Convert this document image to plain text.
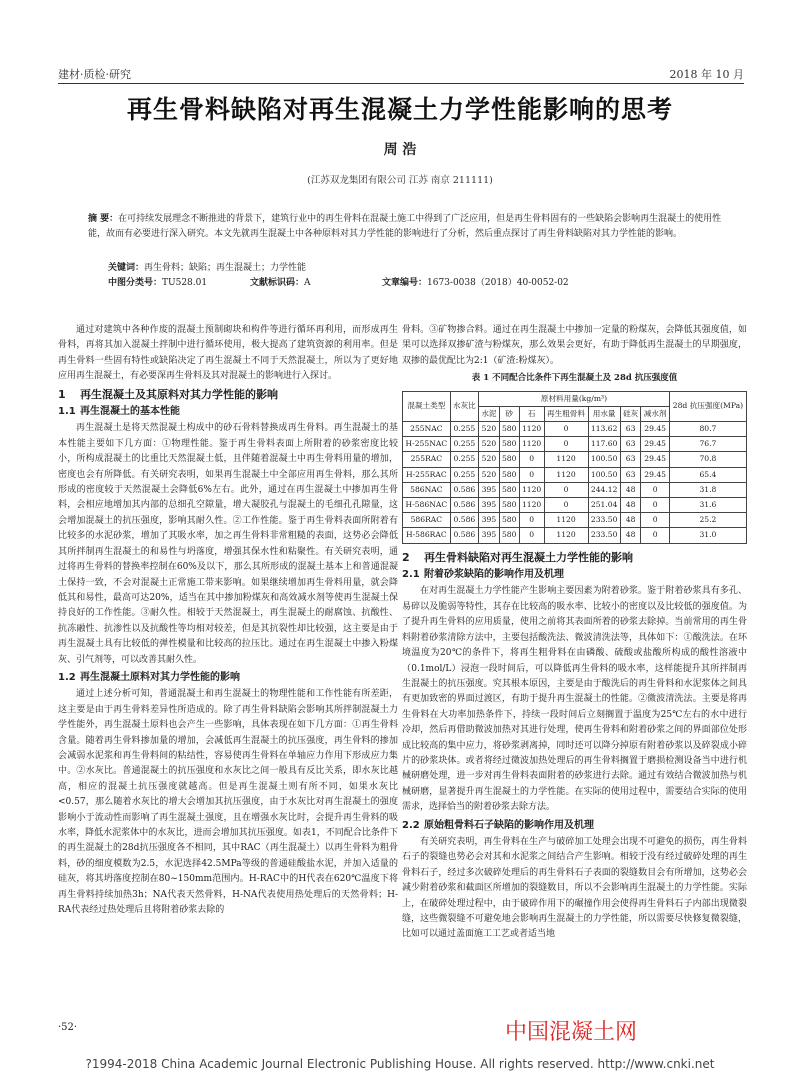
建材·质检·研究	2018 年 10 月
再生骨料缺陷对再生混凝土力学性能影响的思考
周 浩
(江苏双龙集团有限公司 江苏 南京 211111)
摘 要：在可持续发展理念不断推进的背景下，建筑行业中的再生骨料在混凝土施工中得到了广泛应用，但是再生骨料固有的一些缺陷会影响再生混凝土的使用性能，故而有必要进行深入研究。本文先就再生混凝土中各种原料对其力学性能的影响进行了分析，然后重点探讨了再生骨料缺陷对其力学性能的影响。
关键词：再生骨料；缺陷；再生混凝土；力学性能
中图分类号：TU528.01	文献标识码：A	文章编号：1673-0038（2018）40-0052-02

通过对建筑中各种作废的混凝土预制砌块和构件等进行循环再利用，而形成再生骨料，再将其加入混凝土拌制中进行循环使用，极大提高了建筑资源的利用率。但是再生骨料一些固有特性或缺陷决定了再生混凝土不同于天然混凝土，所以为了更好地应用再生混凝土，有必要深再生骨料及其对混凝土的影响进行入探讨。

1 再生混凝土及其原料对其力学性能的影响
1.1 再生混凝土的基本性能

再生混凝土是将天然混凝土构成中的砂石骨料替换成再生骨料。再生混凝土的基本性能主要如下几方面：①物理性能。鉴于再生骨料表面上所附着的砂浆密度比较小，所构成混凝土的比重比天然混凝土低，且伴随着混凝土中再生骨料用量的增加，密度也会有所降低。有关研究表明，如果再生混凝土中全部应用再生骨料，那么其所形成的密度较于天然混凝土会降低6%左右。此外，通过在再生混凝土中掺加再生骨料，会相应地增加其内部的总细孔空隙量，增大凝胶孔与混凝土的毛细孔孔隙量，这会增加混凝土的抗压强度，影响其耐久性。②工作性能。鉴于再生骨料表面所附着有比较多的水泥砂浆，增加了其吸水率，加之再生骨料非常粗糙的表面，这势必会降低其所拌制再生混凝土的和易性与坍落度，增强其保水性和粘聚性。有关研究表明，通过将再生骨料的替换率控制在60%及以下，那么其所形成的混凝土基本上和普通混凝土保持一致，不会对混凝土正常施工带来影响。如果继续增加再生骨料用量，就会降低其和易性，最高可达20%，适当在其中掺加粉煤灰和高效减水剂等使再生混凝土保持良好的工作性能。③耐久性。相较于天然混凝土，再生混凝土的耐腐蚀、抗酸性、抗冻融性、抗渗性以及抗酸性等均相对较差，但是其抗裂性却比较强，这主要是由于再生混凝土具有比较低的弹性模量和比较高的拉压比。通过在再生混凝土中掺入粉煤灰、引气剂等，可以改善其耐久性。

1.2 再生混凝土原料对其力学性能的影响

通过上述分析可知，普通混凝土和再生混凝土的物理性能和工作性能有所差距，这主要是由于再生骨料差异性所造成的。除了再生骨料缺陷会影响其所拌制混凝土力学性能外，再生混凝土原料也会产生一些影响，具体表现在如下几方面：①再生骨料含量。随着再生骨料掺加量的增加，会减低再生混凝土的抗压强度，再生骨料的掺加会减弱水泥浆和再生骨料间的粘结性，容易使再生骨料在单轴应力作用下形成应力集中。②水灰比。普通混凝土的抗压强度和水灰比之间一般具有反比关系，即水灰比越高，相应的混凝土抗压强度就越高。但是再生混凝土则有所不同，如果水灰比<0.57，那么随着水灰比的增大会增加其抗压强度，由于水灰比对再生混凝土的强度影响小于流动性而影响了再生混凝土强度，且在增强水灰比时，会提升再生骨料的吸水率，降低水泥浆体中的水灰比，进而会增加其抗压强度。如表1，不同配合比条件下的再生混凝土的28d抗压强度各不相同，其中RAC（再生混凝土）以再生骨料为粗骨料，砂的细度模数为2.5，水泥选择42.5MPa等级的普通硅酸盐水泥，并加入适量的硅灰，将其坍落度控制在80~150mm范围内。H-RAC中的H代表在620℃温度下将再生骨料持续加热3h；NA代表天然骨料，H-NA代表使用热处理后的天然骨料；H-RA代表经过热处理后且将附着砂浆去除的

骨料。③矿物掺合料。通过在再生混凝土中掺加一定量的粉煤灰，会降低其强度值，如果可以选择双掺矿渣与粉煤灰，那么效果会更好，有助于降低再生混凝土的早期强度，双掺的最优配比为2:1（矿渣:粉煤灰）。

表 1 不同配合比条件下再生混凝土及 28d 抗压强度值
混凝土类型	水灰比	原材料用量(kg/m³)							28d 抗压强度(MPa)
		水泥	砂	石	再生粗骨料	用水量	硅灰	减水剂	
255NAC	0.255	520	580	1120	0	113.62	63	29.45	80.7
H-255NAC	0.255	520	580	1120	0	117.60	63	29.45	76.7
255RAC	0.255	520	580	0	1120	100.50	63	29.45	70.8
H-255RAC	0.255	520	580	0	1120	100.50	63	29.45	65.4
586NAC	0.586	395	580	1120	0	244.12	48	0	31.8
H-586NAC	0.586	395	580	1120	0	251.04	48	0	31.6
586RAC	0.586	395	580	0	1120	233.50	48	0	25.2
H-586RAC	0.586	395	580	0	1120	233.50	48	0	31.0
2 再生骨料缺陷对再生混凝土力学性能的影响
2.1 附着砂浆缺陷的影响作用及机理

在对再生混凝土力学性能产生影响主要因素为附着砂浆。鉴于附着砂浆具有多孔、易碎以及脆弱等特性，其存在比较高的吸水率、比较小的密度以及比较低的强度值。为了提升再生骨料的应用质量，使用之前将其表面所着的砂浆去除掉。当前常用的再生骨料附着砂浆清除方法中，主要包括酸洗法、微波清洗法等，具体如下：①酸洗法。在环境温度为20℃的条件下，将再生粗骨料在由磷酸、硫酸或盐酸所构成的酸性溶液中（0.1mol/L）浸泡一段时间后，可以降低再生骨料的吸水率，这样能提升其所拌制再生混凝土的抗压强度。究其根本原因，主要是由于酸洗后的再生骨料和水泥浆体之间具有更加致密的界面过渡区，有助于提升再生混凝土的性能。②微波清洗法。主要是将再生骨料在大功率加热条件下，持续一段时间后立刻搁置于温度为25℃左右的水中进行冷却，然后再借助微波加热对其进行处理，使再生骨料和附着砂浆之间的界面部位处形成比较高的集中应力，将砂浆剥离掉，同时还可以降分掉原有附着砂浆以及碎裂成小碎片的砂浆块体。或者将经过微波加热处理后的再生骨料搁置于磨损检测设备当中进行机械研磨处理，进一步对再生骨料表面附着的砂浆进行去除。通过有效结合微波加热与机械研磨，显著提升再生混凝土的力学性能。在实际的使用过程中，需要结合实际的使用需求，选择恰当的附着砂浆去除方法。

2.2 原始粗骨料石子缺陷的影响作用及机理

有关研究表明，再生骨料在生产与破碎加工处理会出现不可避免的损伤，再生骨料石子的裂缝也势必会对其和水泥浆之间结合产生影响。相较于没有经过破碎处理的再生骨料石子，经过多次破碎处理后的再生骨料石子表面的裂缝数目会有所增加，这势必会减少附着砂浆和截面区所增加的裂缝数目，所以不会影响再生混凝土的力学性能。实际上，在破碎处理过程中，由于破碎作用下的碾撞作用会使得再生骨料石子内部出现微裂缝，这些微裂缝不可避免地会影响再生混凝土的力学性能，所以需要尽快修复微裂缝，比如可以通过盖面施工工艺或者适当地

·52·	中国混凝土网
?1994-2018 China Academic Journal Electronic Publishing House. All rights reserved. http://www.cnki.net
